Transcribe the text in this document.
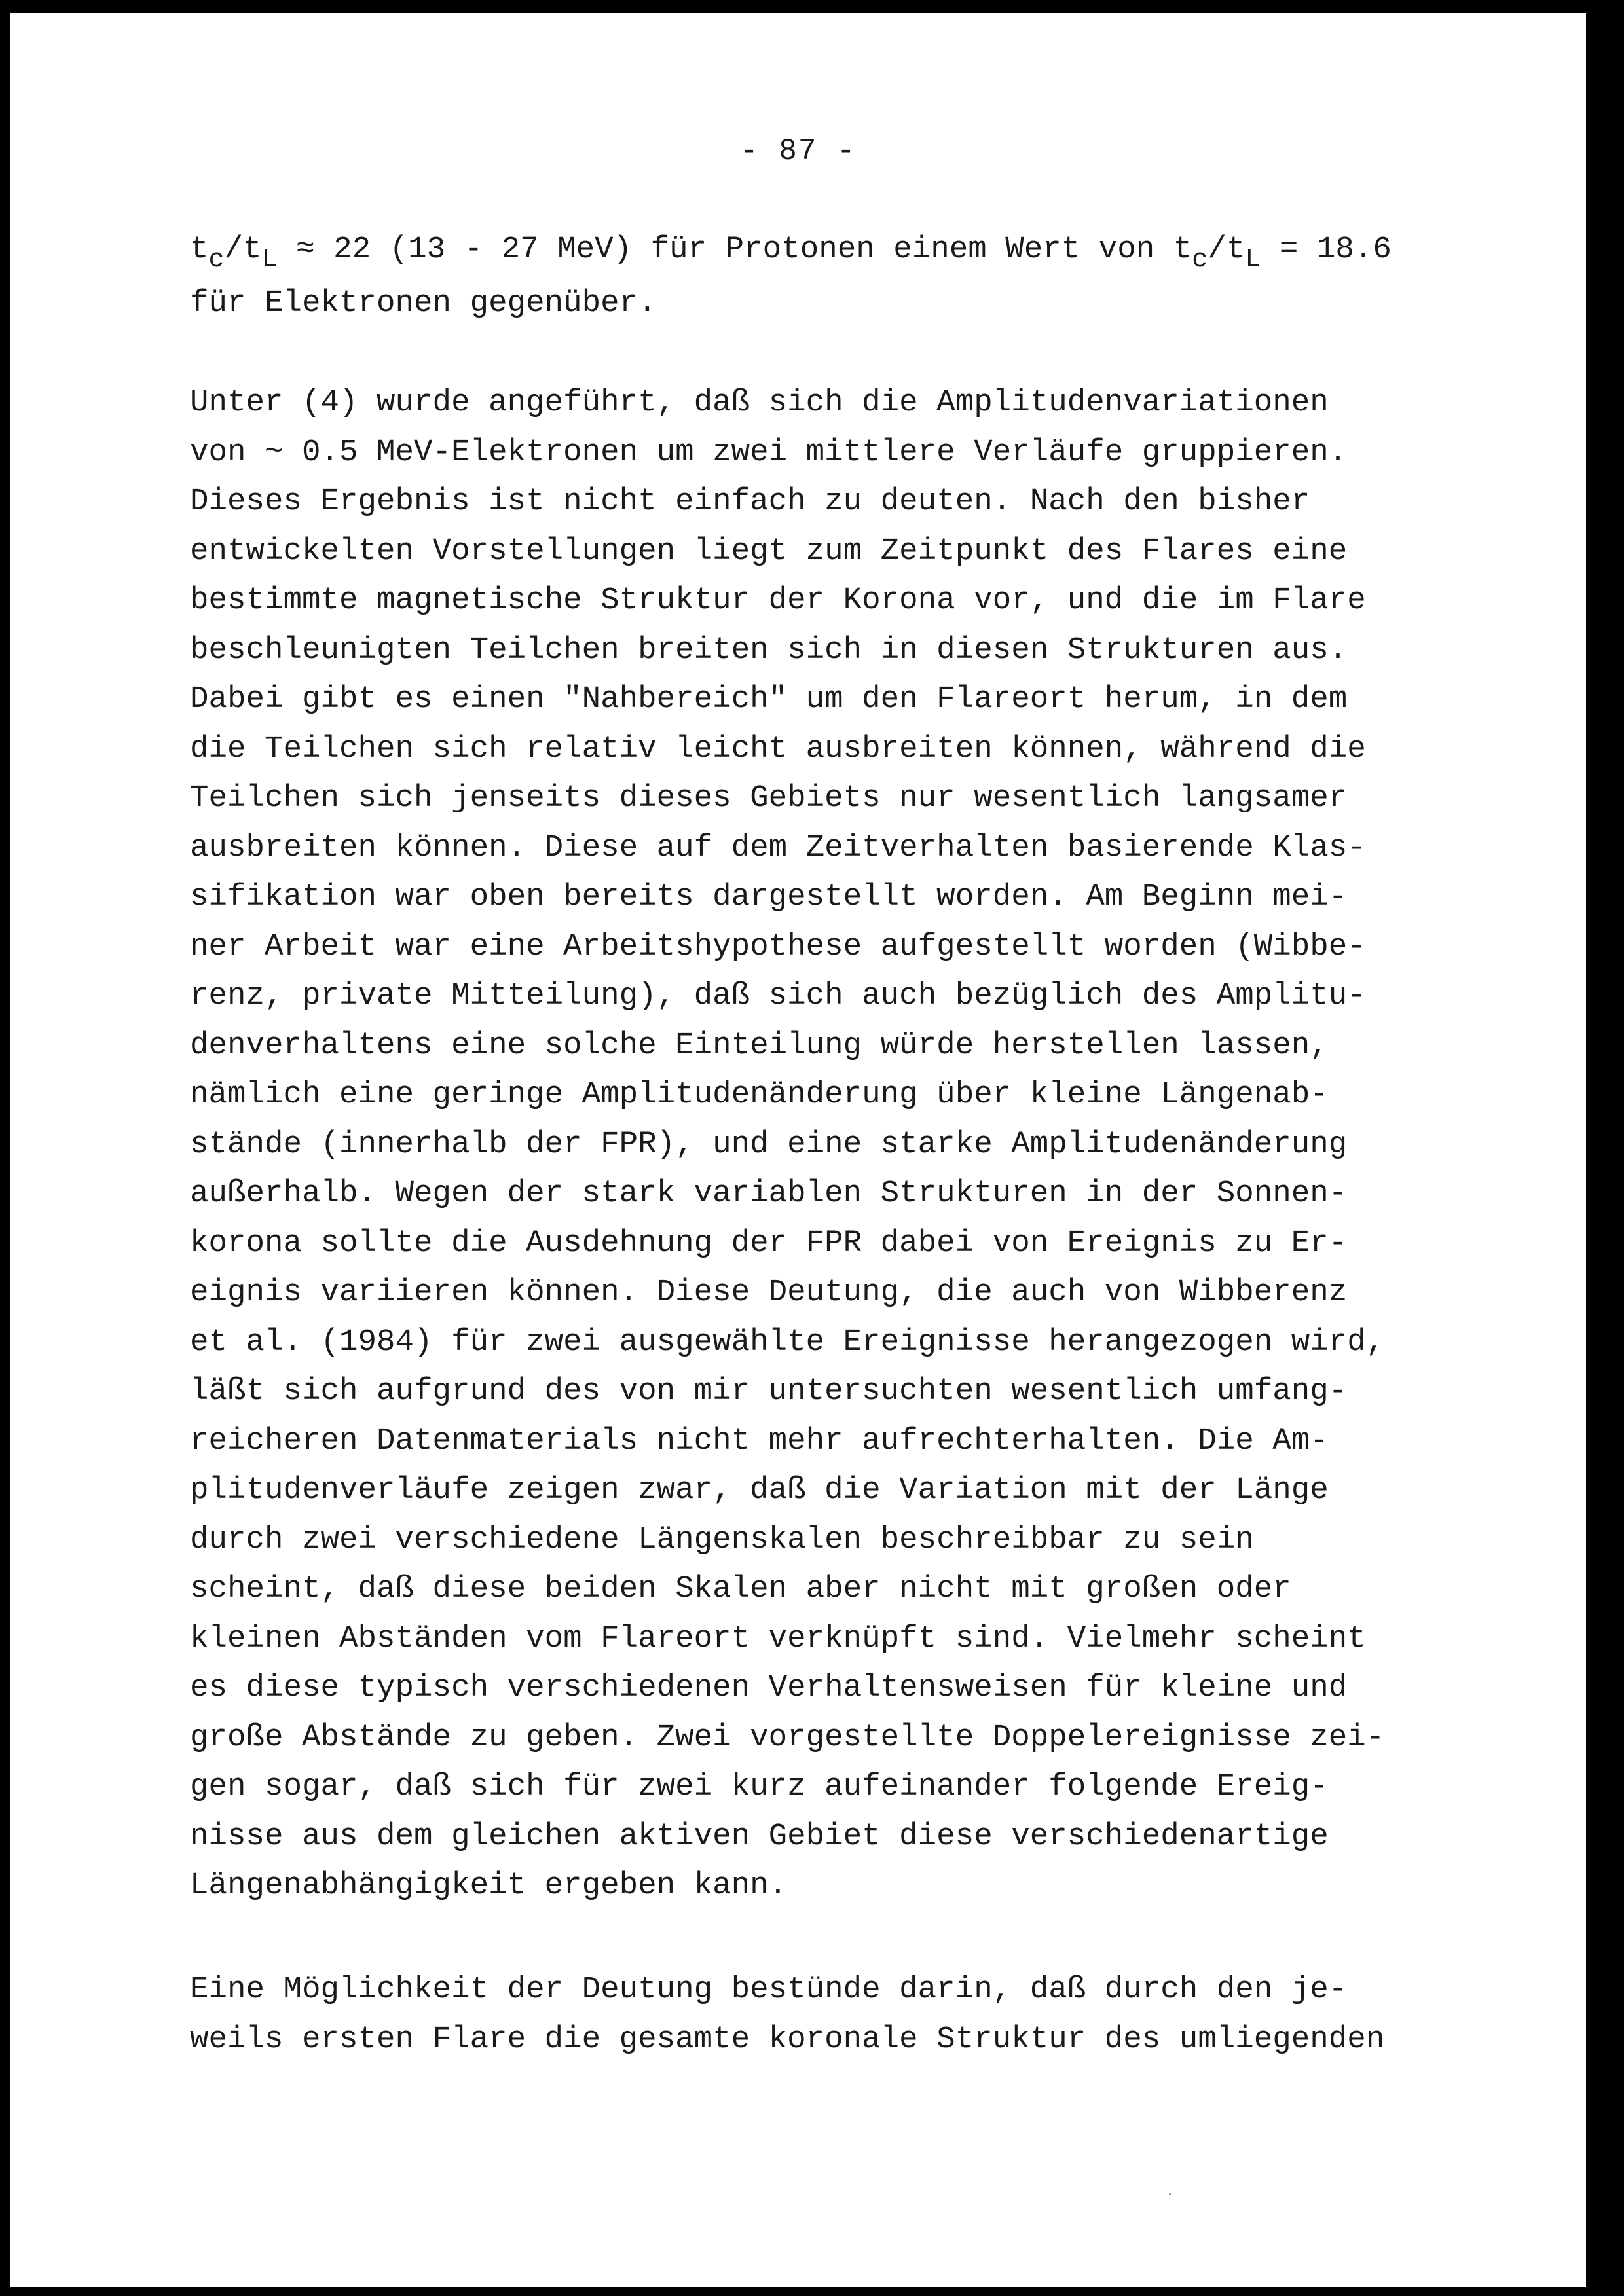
- 87 -
$t_c/t_L \approx 22$ (13 - 27 MeV) für Protonen einem Wert von $t_c/t_L = 18.6$
für Elektronen gegenüber.
Unter (4) wurde angeführt, daß sich die Amplitudenvariationen
von ~ 0.5 MeV-Elektronen um zwei mittlere Verläufe gruppieren.
Dieses Ergebnis ist nicht einfach zu deuten. Nach den bisher
entwickelten Vorstellungen liegt zum Zeitpunkt des Flares eine
bestimmte magnetische Struktur der Korona vor, und die im Flare
beschleunigten Teilchen breiten sich in diesen Strukturen aus.
Dabei gibt es einen "Nahbereich" um den Flareort herum, in dem
die Teilchen sich relativ leicht ausbreiten können, während die
Teilchen sich jenseits dieses Gebiets nur wesentlich langsamer
ausbreiten können. Diese auf dem Zeitverhalten basierende Klas-
sifikation war oben bereits dargestellt worden. Am Beginn mei-
ner Arbeit war eine Arbeitshypothese aufgestellt worden (Wibbe-
renz, private Mitteilung), daß sich auch bezüglich des Amplitu-
denverhaltens eine solche Einteilung würde herstellen lassen,
nämlich eine geringe Amplitudenänderung über kleine Längenab-
stände (innerhalb der FPR), und eine starke Amplitudenänderung
außerhalb. Wegen der stark variablen Strukturen in der Sonnen-
korona sollte die Ausdehnung der FPR dabei von Ereignis zu Er-
eignis variieren können. Diese Deutung, die auch von Wibberenz
et al. (1984) für zwei ausgewählte Ereignisse herangezogen wird,
läßt sich aufgrund des von mir untersuchten wesentlich umfang-
reicheren Datenmaterials nicht mehr aufrechterhalten. Die Am-
plitudenverläufe zeigen zwar, daß die Variation mit der Länge
durch zwei verschiedene Längenskalen beschreibbar zu sein
scheint, daß diese beiden Skalen aber nicht mit großen oder
kleinen Abständen vom Flareort verknüpft sind. Vielmehr scheint
es diese typisch verschiedenen Verhaltensweisen für kleine und
große Abstände zu geben. Zwei vorgestellte Doppelereignisse zei-
gen sogar, daß sich für zwei kurz aufeinander folgende Ereig-
nisse aus dem gleichen aktiven Gebiet diese verschiedenartige
Längenabhängigkeit ergeben kann.
Eine Möglichkeit der Deutung bestünde darin, daß durch den je-
weils ersten Flare die gesamte koronale Struktur des umliegenden
